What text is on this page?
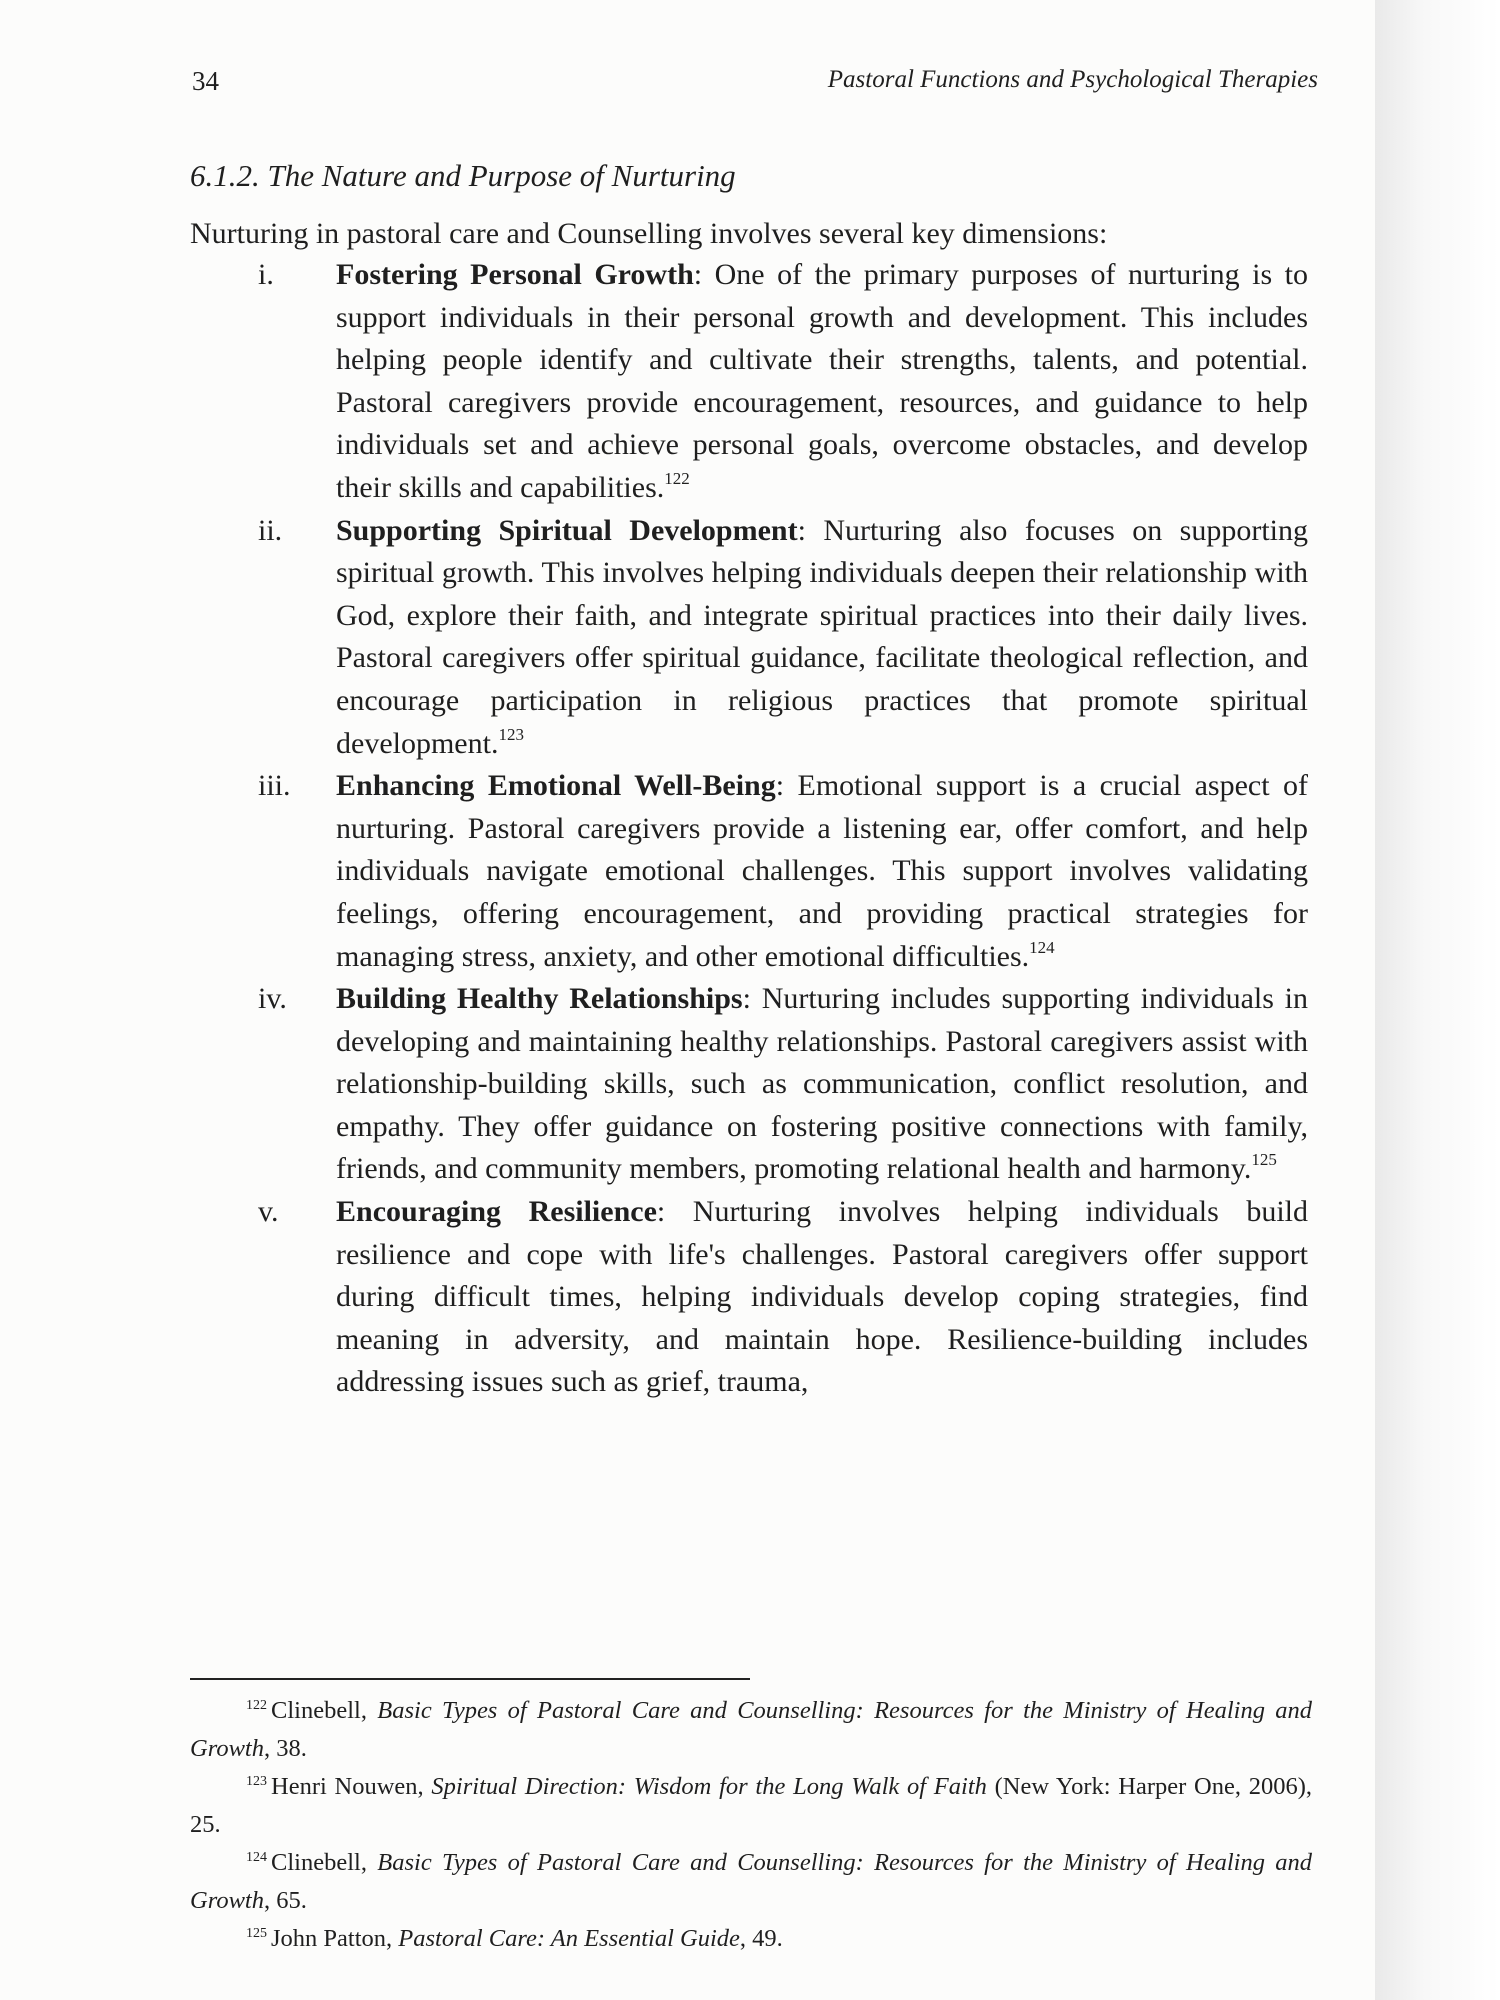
34	Pastoral Functions and Psychological Therapies
6.1.2. The Nature and Purpose of Nurturing

Nurturing in pastoral care and Counselling involves several key dimensions:

i.	Fostering Personal Growth: One of the primary purposes of nurturing is to support individuals in their personal growth and development. This includes helping people identify and cultivate their strengths, talents, and potential. Pastoral caregivers provide encouragement, resources, and guidance to help individuals set and achieve personal goals, overcome obstacles, and develop their skills and capabilities.$^{122}$
ii.	Supporting Spiritual Development: Nurturing also focuses on supporting spiritual growth. This involves helping individuals deepen their relationship with God, explore their faith, and integrate spiritual practices into their daily lives. Pastoral caregivers offer spiritual guidance, facilitate theological reflection, and encourage participation in religious practices that promote spiritual development.$^{123}$
iii.	Enhancing Emotional Well-Being: Emotional support is a crucial aspect of nurturing. Pastoral caregivers provide a listening ear, offer comfort, and help individuals navigate emotional challenges. This support involves validating feelings, offering encouragement, and providing practical strategies for managing stress, anxiety, and other emotional difficulties.$^{124}$
iv.	Building Healthy Relationships: Nurturing includes supporting individuals in developing and maintaining healthy relationships. Pastoral caregivers assist with relationship-building skills, such as communication, conflict resolution, and empathy. They offer guidance on fostering positive connections with family, friends, and community members, promoting relational health and harmony.$^{125}$
v.	Encouraging Resilience: Nurturing involves helping individuals build resilience and cope with life's challenges. Pastoral caregivers offer support during difficult times, helping individuals develop coping strategies, find meaning in adversity, and maintain hope. Resilience-building includes addressing issues such as grief, trauma,

$^{122}$ Clinebell, Basic Types of Pastoral Care and Counselling: Resources for the Ministry of Healing and Growth, 38.

$^{123}$ Henri Nouwen, Spiritual Direction: Wisdom for the Long Walk of Faith (New York: Harper One, 2006), 25.

$^{124}$ Clinebell, Basic Types of Pastoral Care and Counselling: Resources for the Ministry of Healing and Growth, 65.

$^{125}$ John Patton, Pastoral Care: An Essential Guide, 49.
